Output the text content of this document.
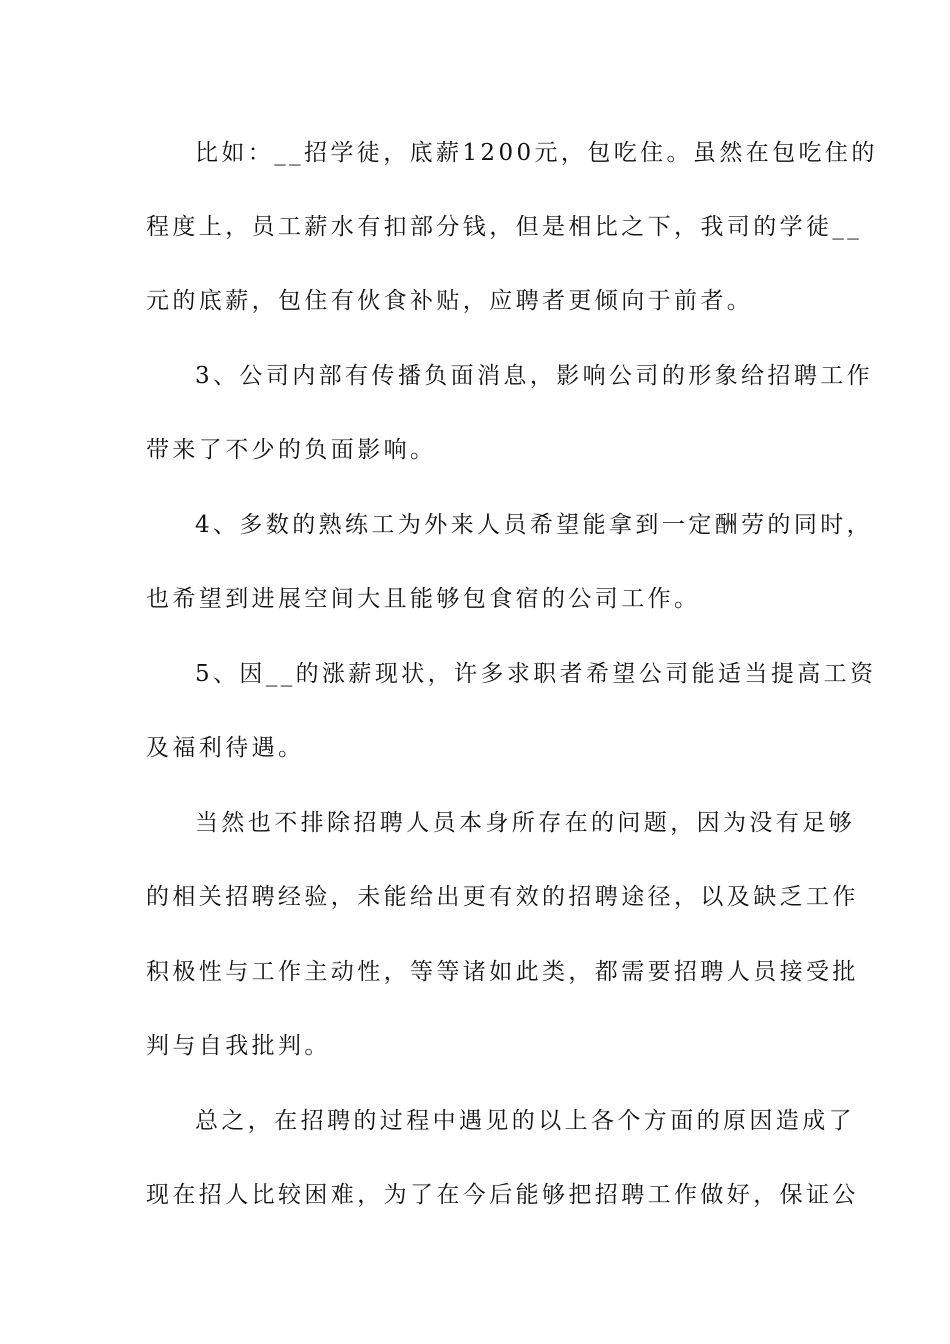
比如：__招学徒，底薪1200元，包吃住。虽然在包吃住的
程度上，员工薪水有扣部分钱，但是相比之下，我司的学徒__
元的底薪，包住有伙食补贴，应聘者更倾向于前者。
3、公司内部有传播负面消息，影响公司的形象给招聘工作
带来了不少的负面影响。
4、多数的熟练工为外来人员希望能拿到一定酬劳的同时，
也希望到进展空间大且能够包食宿的公司工作。
5、因__的涨薪现状，许多求职者希望公司能适当提高工资
及福利待遇。
当然也不排除招聘人员本身所存在的问题，因为没有足够
的相关招聘经验，未能给出更有效的招聘途径，以及缺乏工作
积极性与工作主动性，等等诸如此类，都需要招聘人员接受批
判与自我批判。
总之，在招聘的过程中遇见的以上各个方面的原因造成了
现在招人比较困难，为了在今后能够把招聘工作做好，保证公
